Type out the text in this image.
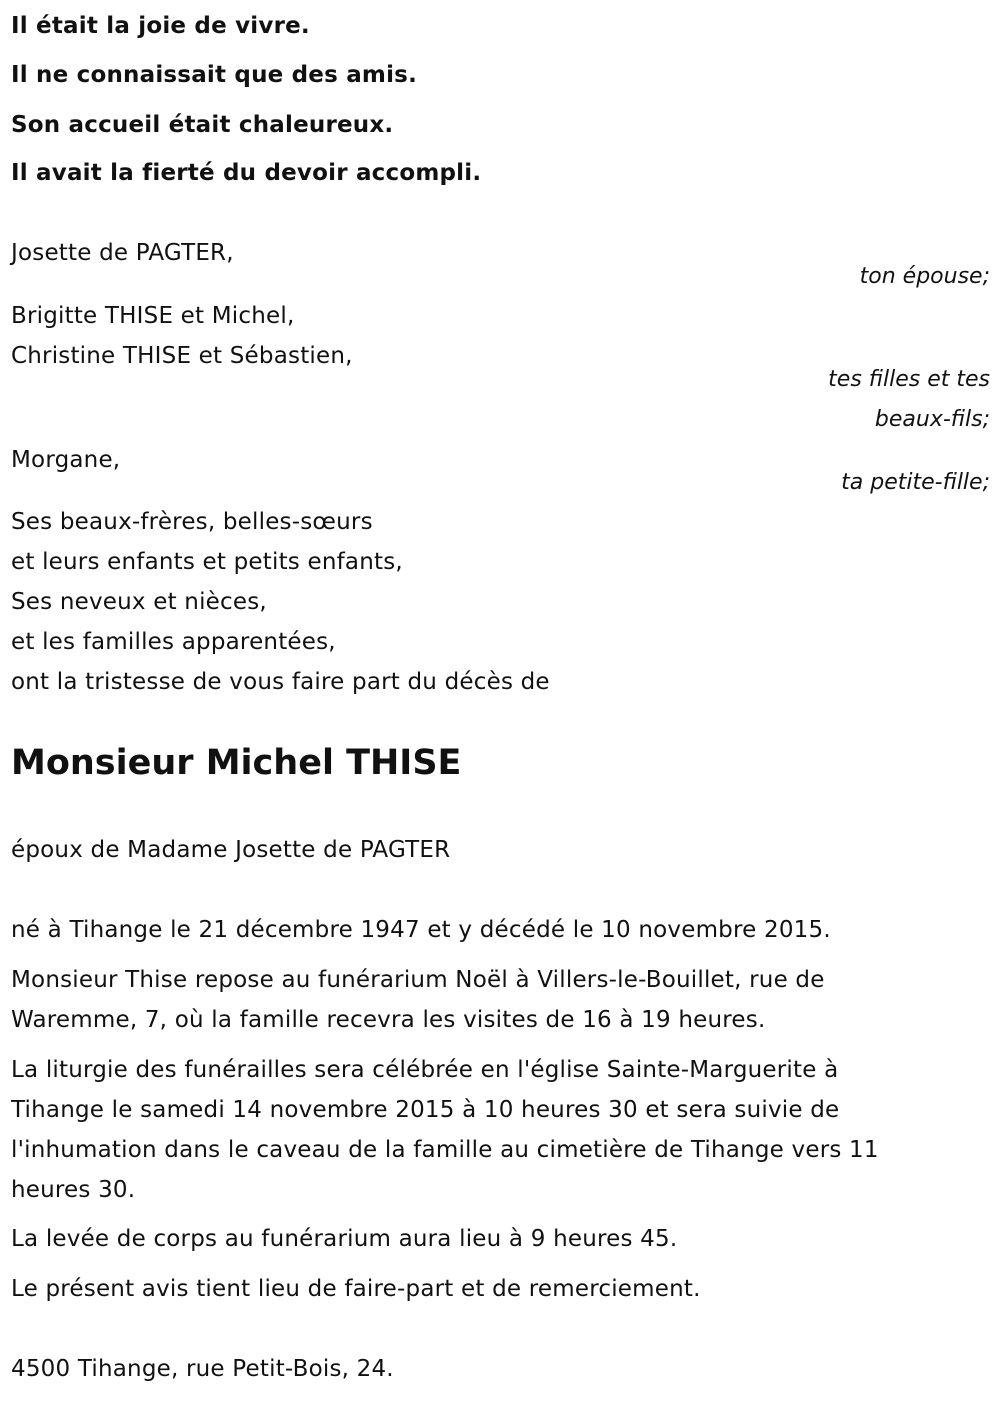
Il était la joie de vivre.
Il ne connaissait que des amis.
Son accueil était chaleureux.
Il avait la fierté du devoir accompli.
Josette de PAGTER,
ton épouse;
Brigitte THISE et Michel,
Christine THISE et Sébastien,
tes filles et tes
beaux-fils;
Morgane,
ta petite-fille;
Ses beaux-frères, belles-sœurs
et leurs enfants et petits enfants,
Ses neveux et nièces,
et les familles apparentées,
ont la tristesse de vous faire part du décès de
Monsieur Michel THISE
époux de Madame Josette de PAGTER
né à Tihange le 21 décembre 1947 et y décédé le 10 novembre 2015.
Monsieur Thise repose au funérarium Noël à Villers-le-Bouillet, rue de
Waremme, 7, où la famille recevra les visites de 16 à 19 heures.
La liturgie des funérailles sera célébrée en l'église Sainte-Marguerite à
Tihange le samedi 14 novembre 2015 à 10 heures 30 et sera suivie de
l'inhumation dans le caveau de la famille au cimetière de Tihange vers 11
heures 30.
La levée de corps au funérarium aura lieu à 9 heures 45.
Le présent avis tient lieu de faire-part et de remerciement.
4500 Tihange, rue Petit-Bois, 24.
